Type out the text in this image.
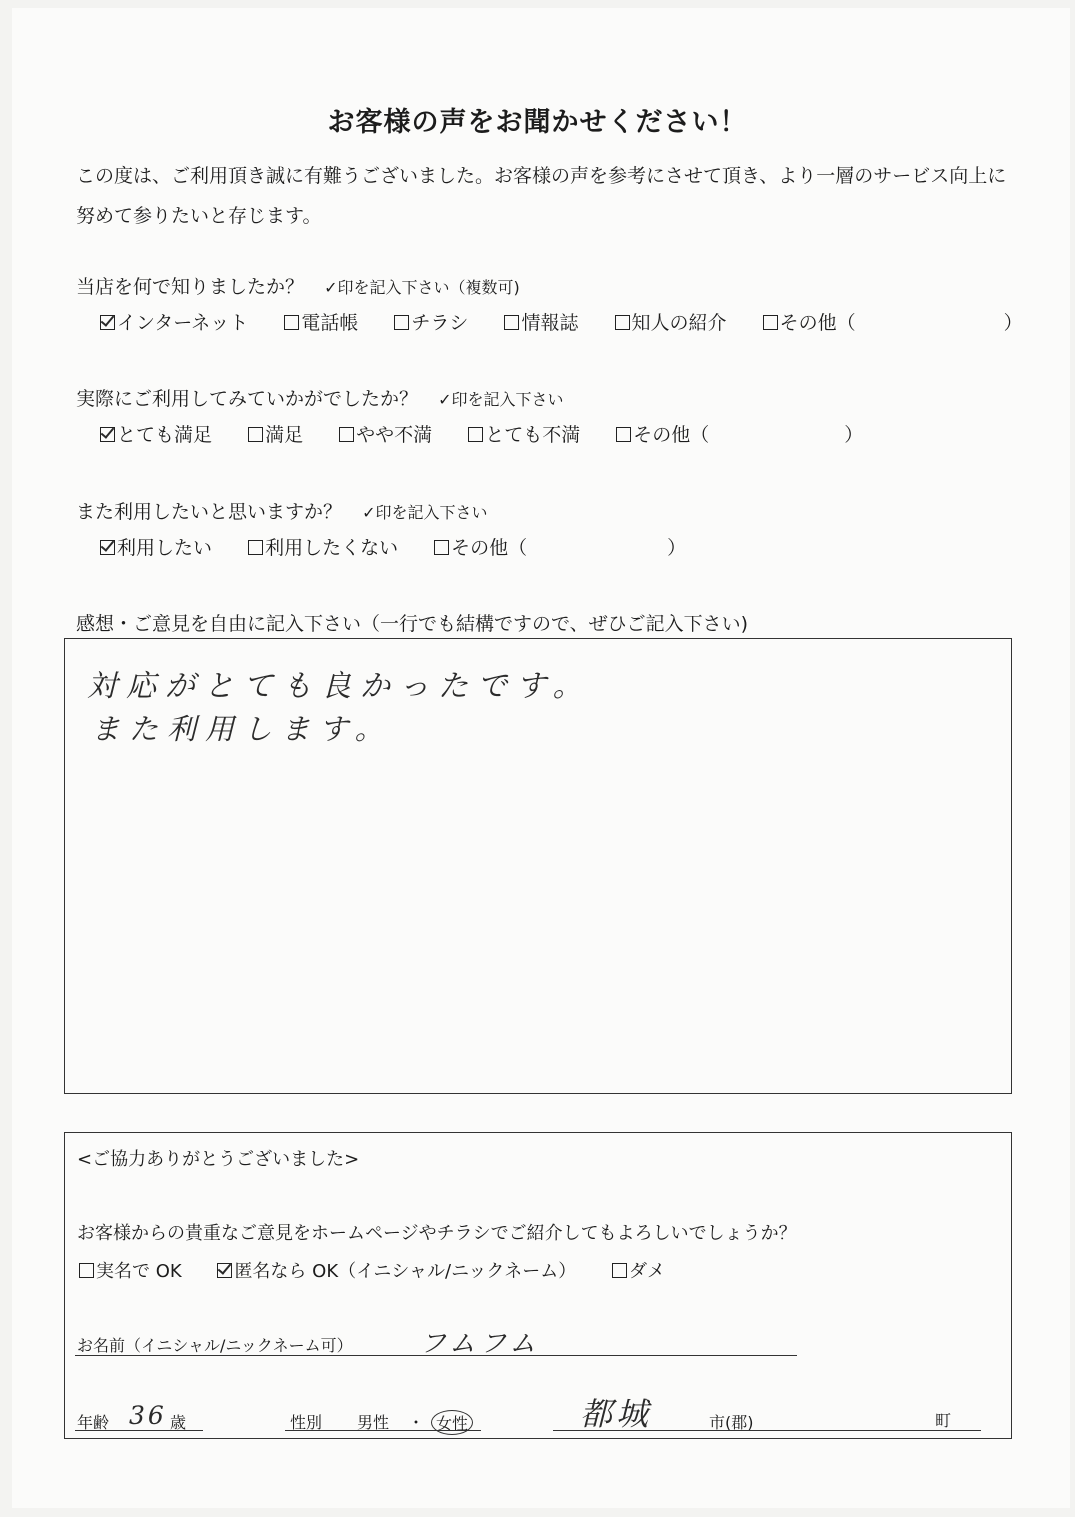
お客様の声をお聞かせください！
この度は、ご利用頂き誠に有難うございました。お客様の声を参考にさせて頂き、より一層のサービス向上に努めて参りたいと存じます。
当店を何で知りましたか？ ✓印を記入下さい（複数可)
インターネット	電話帳	チラシ	情報誌	知人の紹介	その他（	）
実際にご利用してみていかがでしたか？ ✓印を記入下さい
とても満足	満足	やや不満	とても不満	その他（	）
また利用したいと思いますか？ ✓印を記入下さい
利用したい	利用したくない	その他（	）
感想・ご意見を自由に記入下さい（一行でも結構ですので、ぜひご記入下さい)
対応がとても良かったです。
また利用します。
<ご協力ありがとうございました>
お客様からの貴重なご意見をホームページやチラシでご紹介してもよろしいでしょうか？
実名で OK	匿名なら OK（イニシャル/ニックネーム）	ダメ
お名前（イニシャル/ニックネーム可）	フムフム
年齢 36 歳	性別 男性 ・ 女性	都城	市(郡)	町
